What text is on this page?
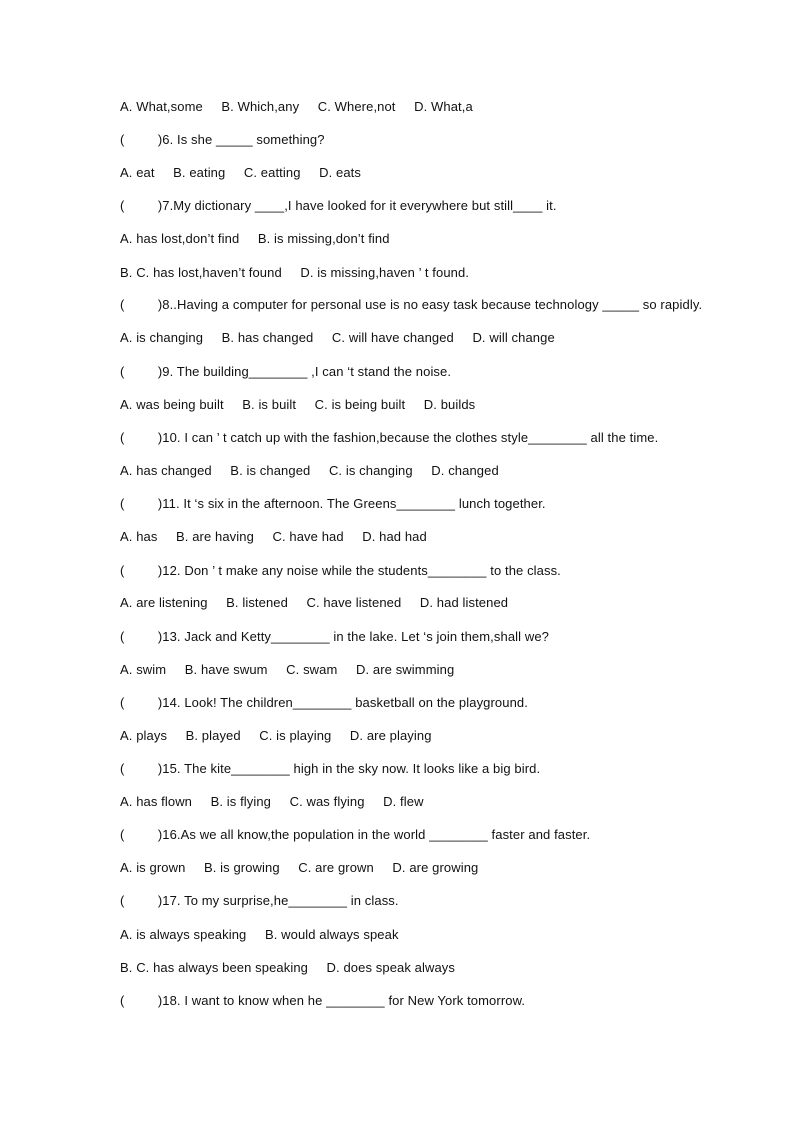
A. What,some     B. Which,any     C. Where,not     D. What,a
(         )6. Is she _____ something?
A. eat     B. eating     C. eatting     D. eats
(         )7.My dictionary ____,I have looked for it everywhere but still____ it.
A. has lost,don’t find     B. is missing,don’t find
B. C. has lost,haven’t found     D. is missing,haven ’ t found.
(         )8..Having a computer for personal use is no easy task because technology _____ so rapidly.
A. is changing     B. has changed     C. will have changed     D. will change
(         )9. The building________ ,I can ‘t stand the noise.
A. was being built     B. is built     C. is being built     D. builds
(         )10. I can ’ t catch up with the fashion,because the clothes style________ all the time.
A. has changed     B. is changed     C. is changing     D. changed
(         )11. It ‘s six in the afternoon. The Greens________ lunch together.
A. has     B. are having     C. have had     D. had had
(         )12. Don ’ t make any noise while the students________ to the class.
A. are listening     B. listened     C. have listened     D. had listened
(         )13. Jack and Ketty________ in the lake. Let ‘s join them,shall we?
A. swim     B. have swum     C. swam     D. are swimming
(         )14. Look! The children________ basketball on the playground.
A. plays     B. played     C. is playing     D. are playing
(         )15. The kite________ high in the sky now. It looks like a big bird.
A. has flown     B. is flying     C. was flying     D. flew
(         )16.As we all know,the population in the world ________ faster and faster.
A. is grown     B. is growing     C. are grown     D. are growing
(         )17. To my surprise,he________ in class.
A. is always speaking     B. would always speak
B. C. has always been speaking     D. does speak always
(         )18. I want to know when he ________ for New York tomorrow.
